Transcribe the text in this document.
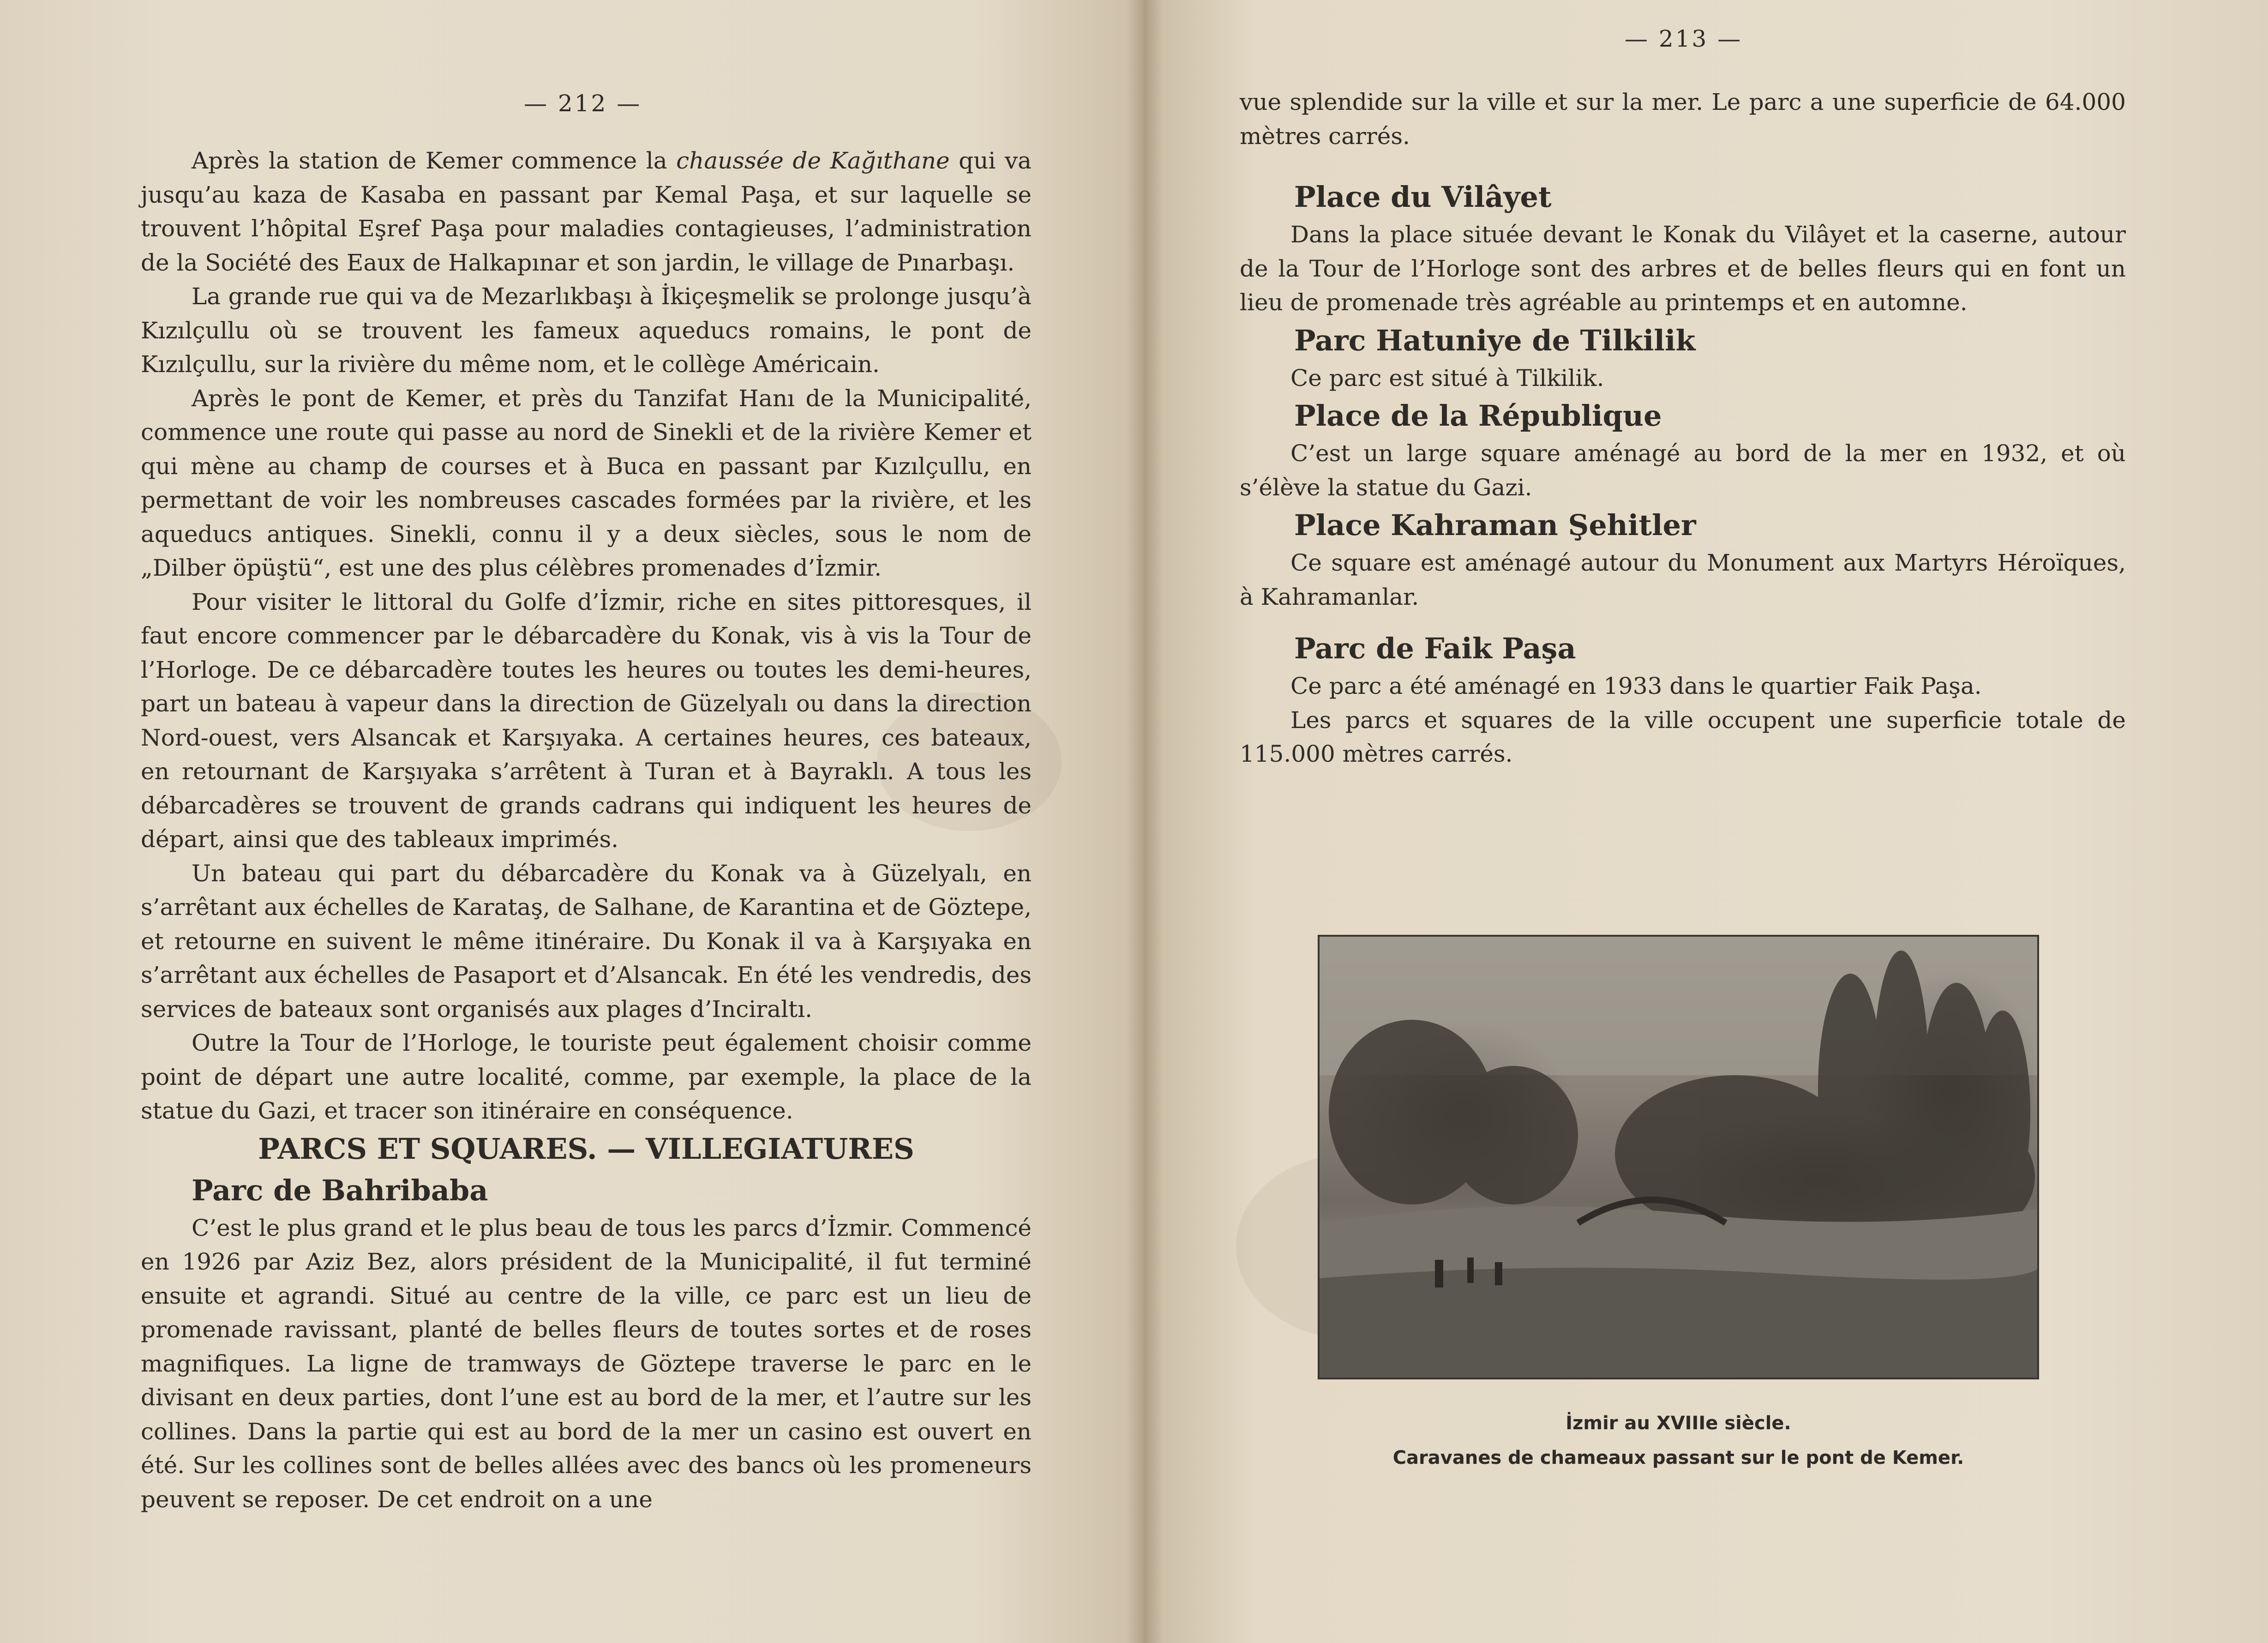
— 212 —

Après la station de Kemer commence la chaussée de Kağıthane qui va jusqu’au kaza de Kasaba en passant par Kemal Paşa, et sur laquelle se trouvent l’hôpital Eşref Paşa pour maladies contagieuses, l’administration de la Société des Eaux de Halkapınar et son jardin, le village de Pınarbaşı.

La grande rue qui va de Mezarlıkbaşı à İkiçeşmelik se prolonge jusqu’à Kızılçullu où se trouvent les fameux aqueducs romains, le pont de Kızılçullu, sur la rivière du même nom, et le collège Américain.

Après le pont de Kemer, et près du Tanzifat Hanı de la Municipalité, commence une route qui passe au nord de Sinekli et de la rivière Kemer et qui mène au champ de courses et à Buca en passant par Kızılçullu, en permettant de voir les nombreuses cascades formées par la rivière, et les aqueducs antiques. Sinekli, connu il y a deux siècles, sous le nom de „Dilber öpüştü“, est une des plus célèbres promenades d’İzmir.

Pour visiter le littoral du Golfe d’İzmir, riche en sites pittoresques, il faut encore commencer par le débarcadère du Konak, vis à vis la Tour de l’Horloge. De ce débarcadère toutes les heures ou toutes les demi-heures, part un bateau à vapeur dans la direction de Güzelyalı ou dans la direction Nord-ouest, vers Alsancak et Karşıyaka. A certaines heures, ces bateaux, en retournant de Karşıyaka s’arrêtent à Turan et à Bayraklı. A tous les débarcadères se trouvent de grands cadrans qui indiquent les heures de départ, ainsi que des tableaux imprimés.

Un bateau qui part du débarcadère du Konak va à Güzelyalı, en s’arrêtant aux échelles de Karataş, de Salhane, de Karantina et de Göztepe, et retourne en suivent le même itinéraire. Du Konak il va à Karşıyaka en s’arrêtant aux échelles de Pasaport et d’Alsancak. En été les vendredis, des services de bateaux sont organisés aux plages d’Inciraltı.

Outre la Tour de l’Horloge, le touriste peut également choisir comme point de départ une autre localité, comme, par exemple, la place de la statue du Gazi, et tracer son itinéraire en conséquence.

PARCS ET SQUARES. — VILLEGIATURES

Parc de Bahribaba

C’est le plus grand et le plus beau de tous les parcs d’İzmir. Commencé en 1926 par Aziz Bez, alors président de la Municipalité, il fut terminé ensuite et agrandi. Situé au centre de la ville, ce parc est un lieu de promenade ravissant, planté de belles fleurs de toutes sortes et de roses magnifiques. La ligne de tramways de Göztepe traverse le parc en le divisant en deux parties, dont l’une est au bord de la mer, et l’autre sur les collines. Dans la partie qui est au bord de la mer un casino est ouvert en été. Sur les collines sont de belles allées avec des bancs où les promeneurs peuvent se reposer. De cet endroit on a une

— 213 —

vue splendide sur la ville et sur la mer. Le parc a une superficie de 64.000 mètres carrés.

Place du Vilâyet

Dans la place située devant le Konak du Vilâyet et la caserne, autour de la Tour de l’Horloge sont des arbres et de belles fleurs qui en font un lieu de promenade très agréable au printemps et en automne.

Parc Hatuniye de Tilkilik

Ce parc est situé à Tilkilik.

Place de la République

C’est un large square aménagé au bord de la mer en 1932, et où s’élève la statue du Gazi.

Place Kahraman Şehitler

Ce square est aménagé autour du Monument aux Martyrs Héroïques, à Kahramanlar.

Parc de Faik Paşa

Ce parc a été aménagé en 1933 dans le quartier Faik Paşa.

Les parcs et squares de la ville occupent une superficie totale de 115.000 mètres carrés.

İzmir au XVIIIe siècle.
Caravanes de chameaux passant sur le pont de Kemer.
